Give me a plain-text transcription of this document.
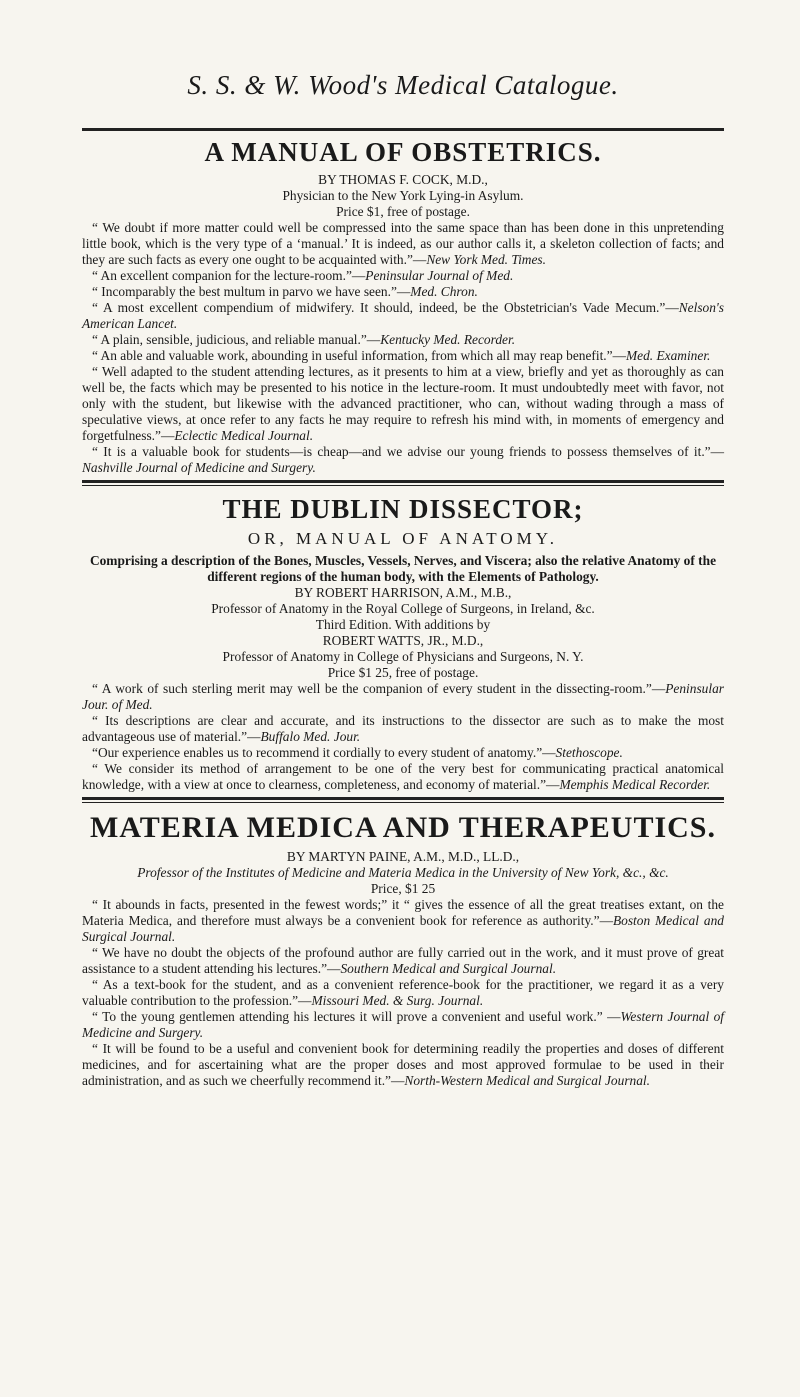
S. S. & W. Wood's Medical Catalogue.
A MANUAL OF OBSTETRICS.
BY THOMAS F. COCK, M.D.,
Physician to the New York Lying-in Asylum.
Price $1, free of postage.

“ We doubt if more matter could well be compressed into the same space than has been done in this unpretending little book, which is the very type of a ‘manual.’ It is indeed, as our author calls it, a skeleton collection of facts; and they are such facts as every one ought to be acquainted with.”—New York Med. Times.

“ An excellent companion for the lecture-room.”—Peninsular Journal of Med.

“ Incomparably the best multum in parvo we have seen.”—Med. Chron.

“ A most excellent compendium of midwifery. It should, indeed, be the Obstetrician's Vade Mecum.”—Nelson's American Lancet.

“ A plain, sensible, judicious, and reliable manual.”—Kentucky Med. Recorder.

“ An able and valuable work, abounding in useful information, from which all may reap benefit.”—Med. Examiner.

“ Well adapted to the student attending lectures, as it presents to him at a view, briefly and yet as thoroughly as can well be, the facts which may be presented to his notice in the lecture-room. It must undoubtedly meet with favor, not only with the student, but likewise with the advanced practitioner, who can, without wading through a mass of speculative views, at once refer to any facts he may require to refresh his mind with, in moments of emergency and forgetfulness.”—Eclectic Medical Journal.

“ It is a valuable book for students—is cheap—and we advise our young friends to possess themselves of it.”—Nashville Journal of Medicine and Surgery.

THE DUBLIN DISSECTOR;
OR, MANUAL OF ANATOMY.
Comprising a description of the Bones, Muscles, Vessels, Nerves, and Viscera; also the relative Anatomy of the different regions of the human body, with the Elements of Pathology.
BY ROBERT HARRISON, A.M., M.B.,
Professor of Anatomy in the Royal College of Surgeons, in Ireland, &c.
Third Edition. With additions by
ROBERT WATTS, JR., M.D.,
Professor of Anatomy in College of Physicians and Surgeons, N. Y.
Price $1 25, free of postage.

“ A work of such sterling merit may well be the companion of every student in the dissecting-room.”—Peninsular Jour. of Med.

“ Its descriptions are clear and accurate, and its instructions to the dissector are such as to make the most advantageous use of material.”—Buffalo Med. Jour.

“Our experience enables us to recommend it cordially to every student of anatomy.”—Stethoscope.

“ We consider its method of arrangement to be one of the very best for communicating practical anatomical knowledge, with a view at once to clearness, completeness, and economy of material.”—Memphis Medical Recorder.

MATERIA MEDICA AND THERAPEUTICS.
BY MARTYN PAINE, A.M., M.D., LL.D.,
Professor of the Institutes of Medicine and Materia Medica in the University of New York, &c., &c.
Price, $1 25

“ It abounds in facts, presented in the fewest words;” it “ gives the essence of all the great treatises extant, on the Materia Medica, and therefore must always be a convenient book for reference as authority.”—Boston Medical and Surgical Journal.

“ We have no doubt the objects of the profound author are fully carried out in the work, and it must prove of great assistance to a student attending his lectures.”—Southern Medical and Surgical Journal.

“ As a text-book for the student, and as a convenient reference-book for the practitioner, we regard it as a very valuable contribution to the profession.”—Missouri Med. & Surg. Journal.

“ To the young gentlemen attending his lectures it will prove a convenient and useful work.” —Western Journal of Medicine and Surgery.

“ It will be found to be a useful and convenient book for determining readily the properties and doses of different medicines, and for ascertaining what are the proper doses and most approved formulae to be used in their administration, and as such we cheerfully recommend it.”—North-Western Medical and Surgical Journal.
